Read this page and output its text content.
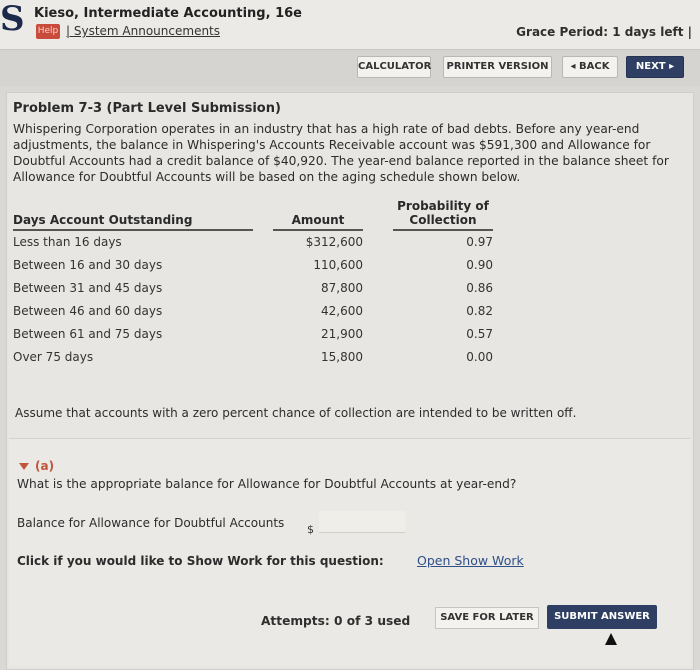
S Kieso, Intermediate Accounting, 16e
Help | System Announcements	Grace Period: 1 days left |
CALCULATOR	PRINTER VERSION	◂ BACK	NEXT ▸
Problem 7-3 (Part Level Submission)
Whispering Corporation operates in an industry that has a high rate of bad debts. Before any year-end adjustments, the balance in Whispering's Accounts Receivable account was $591,300 and Allowance for Doubtful Accounts had a credit balance of $40,920. The year-end balance reported in the balance sheet for Allowance for Doubtful Accounts will be based on the aging schedule shown below.
Days Account Outstanding		Amount		Probability of Collection
Less than 16 days		$312,600		0.97
Between 16 and 30 days		110,600		0.90
Between 31 and 45 days		87,800		0.86
Between 46 and 60 days		42,600		0.82
Between 61 and 75 days		21,900		0.57
Over 75 days		15,800		0.00
Assume that accounts with a zero percent chance of collection are intended to be written off.
(a)
What is the appropriate balance for Allowance for Doubtful Accounts at year-end?
Balance for Allowance for Doubtful Accounts $
Click if you would like to Show Work for this question:	Open Show Work
Attempts: 0 of 3 used	SAVE FOR LATER	SUBMIT ANSWER
